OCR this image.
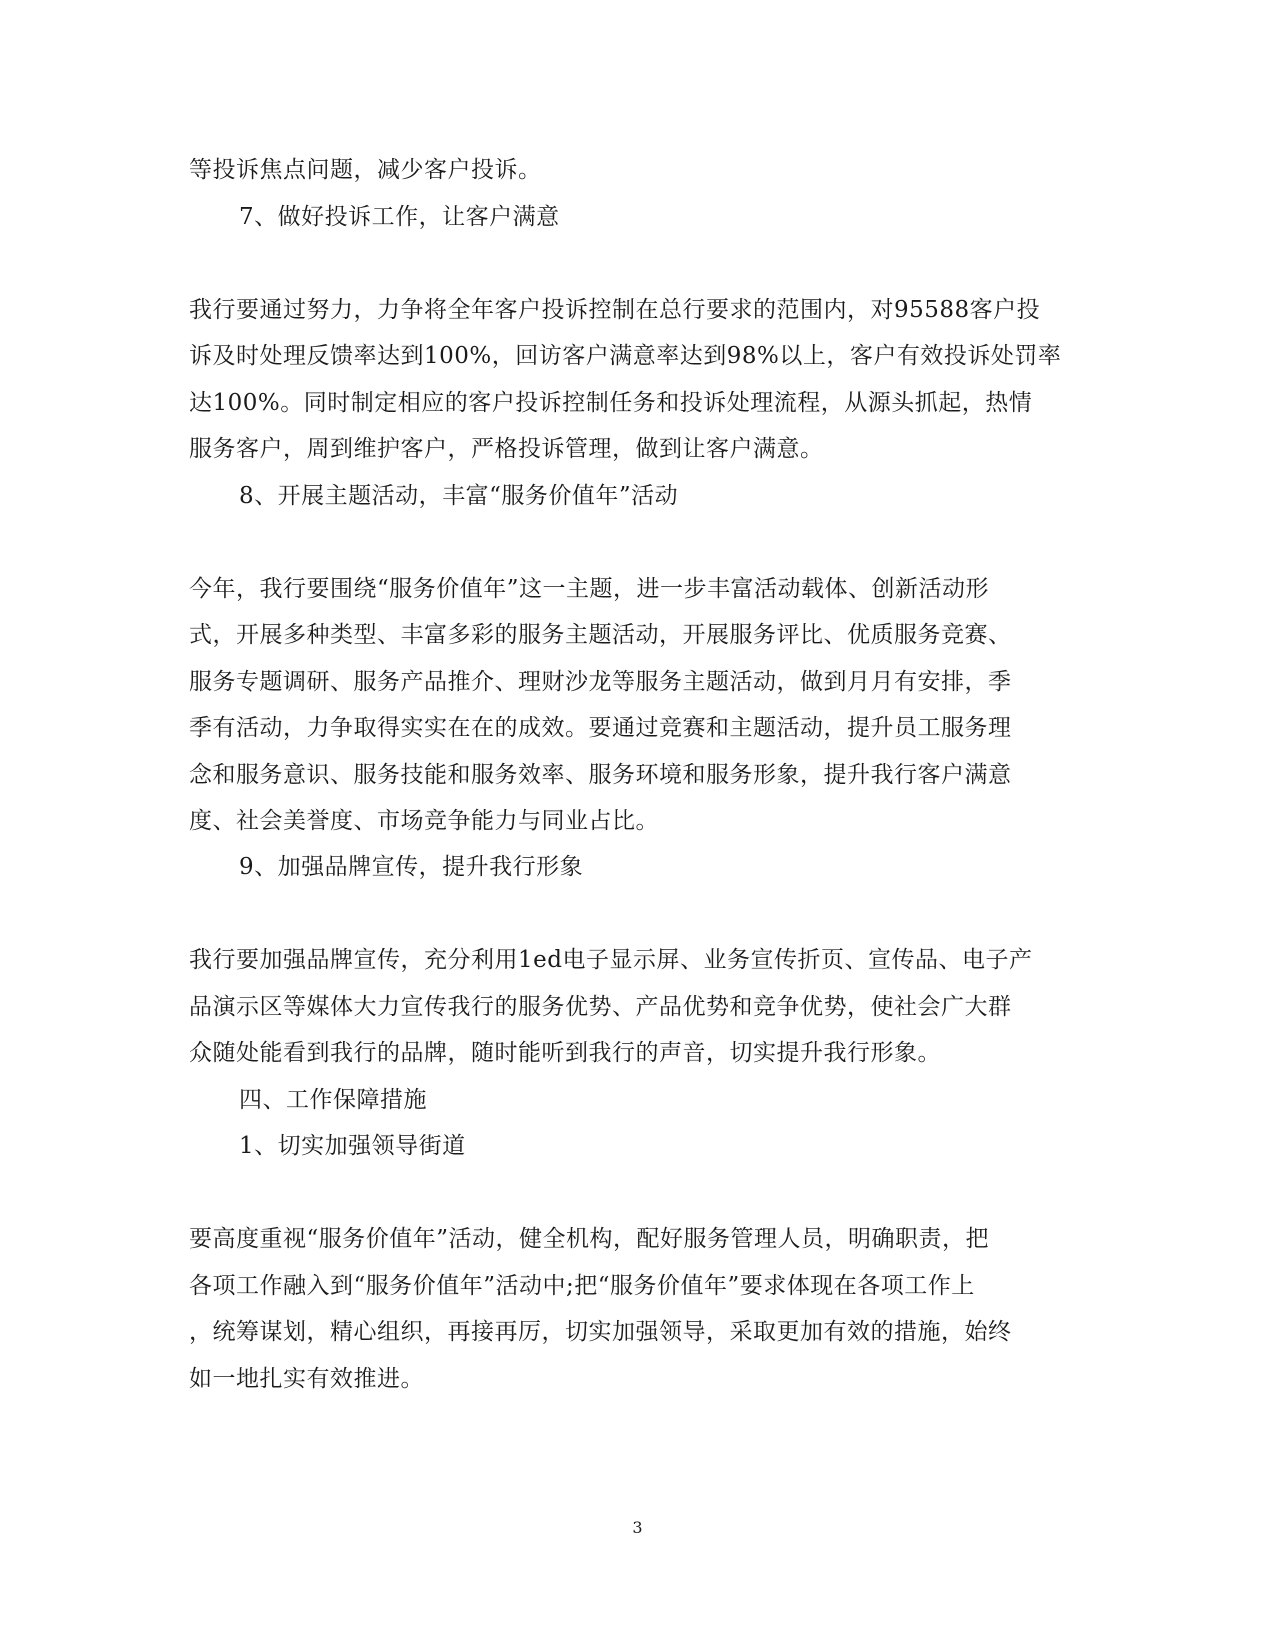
等投诉焦点问题，减少客户投诉。
7、做好投诉工作，让客户满意
我行要通过努力，力争将全年客户投诉控制在总行要求的范围内，对95588客户投
诉及时处理反馈率达到100%，回访客户满意率达到98%以上，客户有效投诉处罚率
达100%。同时制定相应的客户投诉控制任务和投诉处理流程，从源头抓起，热情
服务客户，周到维护客户，严格投诉管理，做到让客户满意。
8、开展主题活动，丰富“服务价值年”活动
今年，我行要围绕“服务价值年”这一主题，进一步丰富活动载体、创新活动形
式，开展多种类型、丰富多彩的服务主题活动，开展服务评比、优质服务竞赛、
服务专题调研、服务产品推介、理财沙龙等服务主题活动，做到月月有安排，季
季有活动，力争取得实实在在的成效。要通过竞赛和主题活动，提升员工服务理
念和服务意识、服务技能和服务效率、服务环境和服务形象，提升我行客户满意
度、社会美誉度、市场竞争能力与同业占比。
9、加强品牌宣传，提升我行形象
我行要加强品牌宣传，充分利用1ed电子显示屏、业务宣传折页、宣传品、电子产
品演示区等媒体大力宣传我行的服务优势、产品优势和竞争优势，使社会广大群
众随处能看到我行的品牌，随时能听到我行的声音，切实提升我行形象。
四、工作保障措施
1、切实加强领导街道
要高度重视“服务价值年”活动，健全机构，配好服务管理人员，明确职责，把
各项工作融入到“服务价值年”活动中;把“服务价值年”要求体现在各项工作上
，统筹谋划，精心组织，再接再厉，切实加强领导，采取更加有效的措施，始终
如一地扎实有效推进。
3
